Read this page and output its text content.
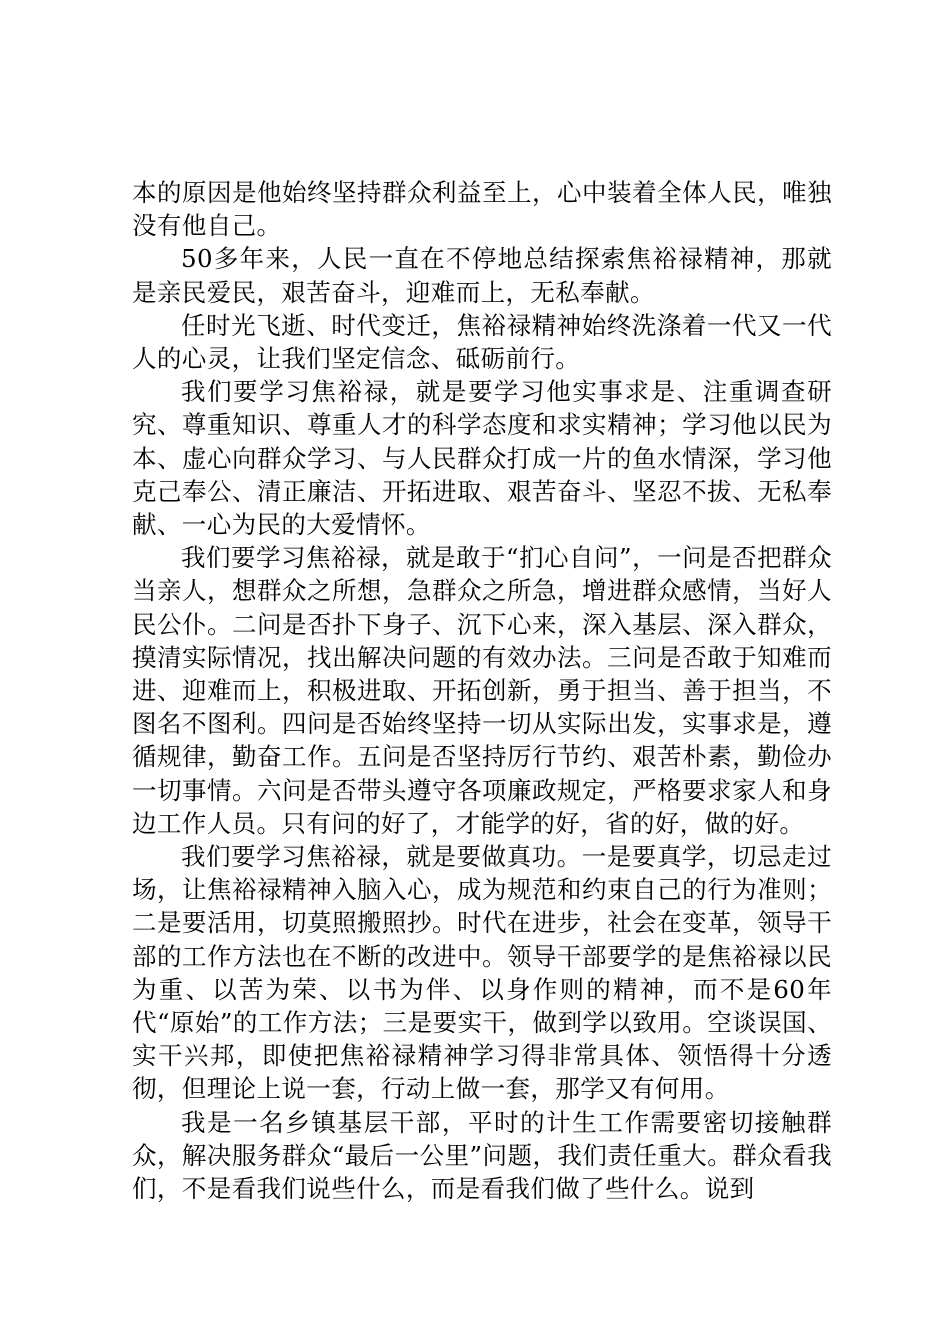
本的原因是他始终坚持群众利益至上，心中装着全体人民，唯独没有他自己。

50多年来，人民一直在不停地总结探索焦裕禄精神，那就是亲民爱民，艰苦奋斗，迎难而上，无私奉献。

任时光飞逝、时代变迁，焦裕禄精神始终洗涤着一代又一代人的心灵，让我们坚定信念、砥砺前行。

我们要学习焦裕禄，就是要学习他实事求是、注重调查研究、尊重知识、尊重人才的科学态度和求实精神；学习他以民为本、虚心向群众学习、与人民群众打成一片的鱼水情深，学习他克己奉公、清正廉洁、开拓进取、艰苦奋斗、坚忍不拔、无私奉献、一心为民的大爱情怀。

我们要学习焦裕禄，就是敢于“扪心自问”，一问是否把群众当亲人，想群众之所想，急群众之所急，增进群众感情，当好人民公仆。二问是否扑下身子、沉下心来，深入基层、深入群众，摸清实际情况，找出解决问题的有效办法。三问是否敢于知难而进、迎难而上，积极进取、开拓创新，勇于担当、善于担当，不图名不图利。四问是否始终坚持一切从实际出发，实事求是，遵循规律，勤奋工作。五问是否坚持厉行节约、艰苦朴素，勤俭办一切事情。六问是否带头遵守各项廉政规定，严格要求家人和身边工作人员。只有问的好了，才能学的好，省的好，做的好。

我们要学习焦裕禄，就是要做真功。一是要真学，切忌走过场，让焦裕禄精神入脑入心，成为规范和约束自己的行为准则；二是要活用，切莫照搬照抄。时代在进步，社会在变革，领导干部的工作方法也在不断的改进中。领导干部要学的是焦裕禄以民为重、以苦为荣、以书为伴、以身作则的精神，而不是60年代“原始”的工作方法；三是要实干，做到学以致用。空谈误国、实干兴邦，即使把焦裕禄精神学习得非常具体、领悟得十分透彻，但理论上说一套，行动上做一套，那学又有何用。

我是一名乡镇基层干部，平时的计生工作需要密切接触群众，解决服务群众“最后一公里”问题，我们责任重大。群众看我们，不是看我们说些什么，而是看我们做了些什么。说到
